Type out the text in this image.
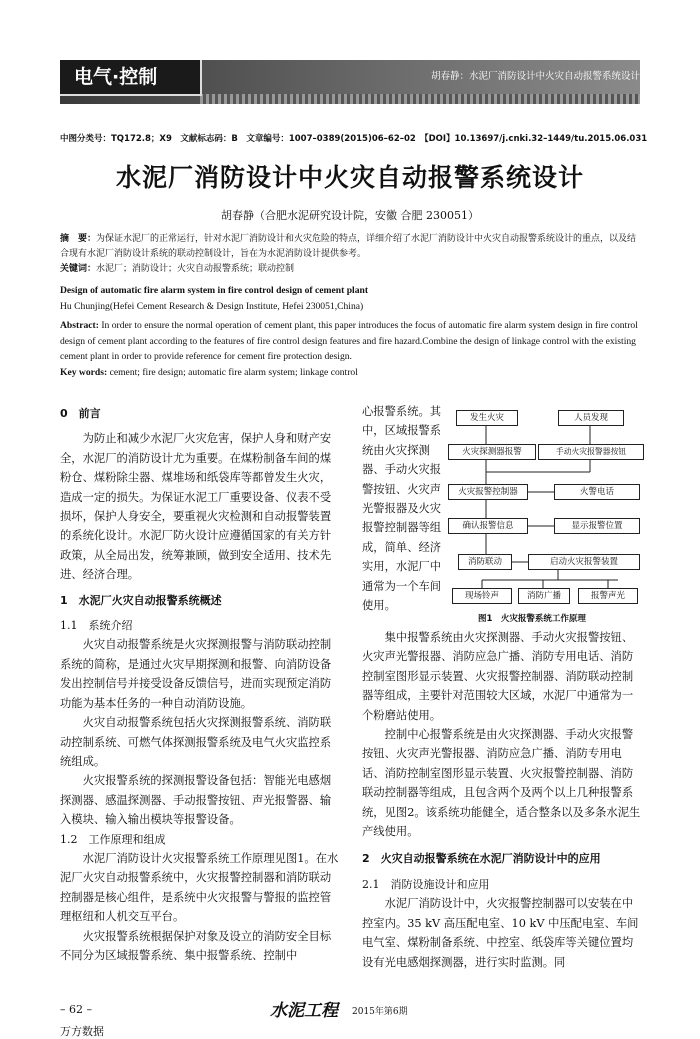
电气·控制	胡春静：水泥厂消防设计中火灾自动报警系统设计
中图分类号：TQ172.8；X9　文献标志码：B　文章编号：1007–0389(2015)06–62–02　【DOI】10.13697/j.cnki.32–1449/tu.2015.06.031
水泥厂消防设计中火灾自动报警系统设计
胡春静（合肥水泥研究设计院，安徽 合肥 230051）
摘　要：为保证水泥厂的正常运行，针对水泥厂消防设计和火灾危险的特点，详细介绍了水泥厂消防设计中火灾自动报警系统设计的重点，以及结合现有水泥厂消防设计系统的联动控制设计，旨在为水泥消防设计提供参考。
关键词：水泥厂；消防设计；火灾自动报警系统；联动控制
Design of automatic fire alarm system in fire control design of cement plant
Hu Chunjing(Hefei Cement Research & Design Institute, Hefei 230051,China)
Abstract: In order to ensure the normal operation of cement plant, this paper introduces the focus of automatic fire alarm system design in fire control design of cement plant according to the features of fire control design features and fire hazard.Combine the design of linkage control with the existing cement plant in order to provide reference for cement fire protection design.
Key words: cement; fire design; automatic fire alarm system; linkage control
0　前言

为防止和减少水泥厂火灾危害，保护人身和财产安全，水泥厂的消防设计尤为重要。在煤粉制备车间的煤粉仓、煤粉除尘器、煤堆场和纸袋库等都曾发生火灾，造成一定的损失。为保证水泥工厂重要设备、仪表不受损坏，保护人身安全，要重视火灾检测和自动报警装置的系统化设计。水泥厂防火设计应遵循国家的有关方针政策，从全局出发，统筹兼顾，做到安全适用、技术先进、经济合理。

1　水泥厂火灾自动报警系统概述
1.1　系统介绍

火灾自动报警系统是火灾探测报警与消防联动控制系统的简称，是通过火灾早期探测和报警、向消防设备发出控制信号并接受设备反馈信号，进而实现预定消防功能为基本任务的一种自动消防设施。

火灾自动报警系统包括火灾探测报警系统、消防联动控制系统、可燃气体探测报警系统及电气火灾监控系统组成。

火灾报警系统的探测报警设备包括：智能光电感烟探测器、感温探测器、手动报警按钮、声光报警器、输入模块、输入输出模块等报警设备。

1.2　工作原理和组成

水泥厂消防设计火灾报警系统工作原理见图1。在水泥厂火灾自动报警系统中，火灾报警控制器和消防联动控制器是核心组件，是系统中火灾报警与警报的监控管理枢纽和人机交互平台。

火灾报警系统根据保护对象及设立的消防安全目标不同分为区域报警系统、集中报警系统、控制中

心报警系统。其中，区域报警系统由火灾探测器、手动火灾报警按钮、火灾声光警报器及火灾报警控制器等组成，简单、经济实用，水泥厂中通常为一个车间使用。
发生火灾	人员发现
火灾探测器报警	手动火灾报警器按钮
火灾报警控制器	火警电话
确认报警信息	显示报警位置
消防联动	启动火灾报警装置
现场铃声	消防广播	报警声光
图1　火灾报警系统工作原理

集中报警系统由火灾探测器、手动火灾报警按钮、火灾声光警报器、消防应急广播、消防专用电话、消防控制室图形显示装置、火灾报警控制器、消防联动控制器等组成，主要针对范围较大区域，水泥厂中通常为一个粉磨站使用。

控制中心报警系统是由火灾探测器、手动火灾报警按钮、火灾声光警报器、消防应急广播、消防专用电话、消防控制室图形显示装置、火灾报警控制器、消防联动控制器等组成，且包含两个及两个以上几种报警系统，见图2。该系统功能健全，适合整条以及多条水泥生产线使用。

2　火灾自动报警系统在水泥厂消防设计中的应用
2.1　消防设施设计和应用

水泥厂消防设计中，火灾报警控制器可以安装在中控室内。35 kV 高压配电室、10 kV 中压配电室、车间电气室、煤粉制备系统、中控室、纸袋库等关键位置均设有光电感烟探测器，进行实时监测。同

– 62 –	水泥工程 2015年第6期
万方数据
